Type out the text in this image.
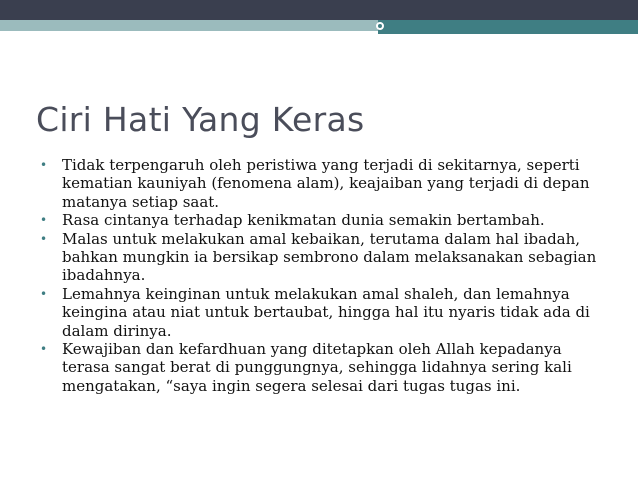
Ciri Hati Yang Keras
• Tidak terpengaruh oleh peristiwa yang terjadi di sekitarnya, seperti kematian kauniyah (fenomena alam), keajaiban yang terjadi di depan matanya setiap saat.
• Rasa cintanya terhadap kenikmatan dunia semakin bertambah.
• Malas untuk melakukan amal kebaikan, terutama dalam hal ibadah, bahkan mungkin ia bersikap sembrono dalam melaksanakan sebagian ibadahnya.
• Lemahnya keinginan untuk melakukan amal shaleh, dan lemahnya keingina atau niat untuk bertaubat, hingga hal itu nyaris tidak ada di dalam dirinya.
• Kewajiban dan kefardhuan yang ditetapkan oleh Allah kepadanya terasa sangat berat di punggungnya, sehingga lidahnya sering kali mengatakan, “saya ingin segera selesai dari tugas tugas ini.
